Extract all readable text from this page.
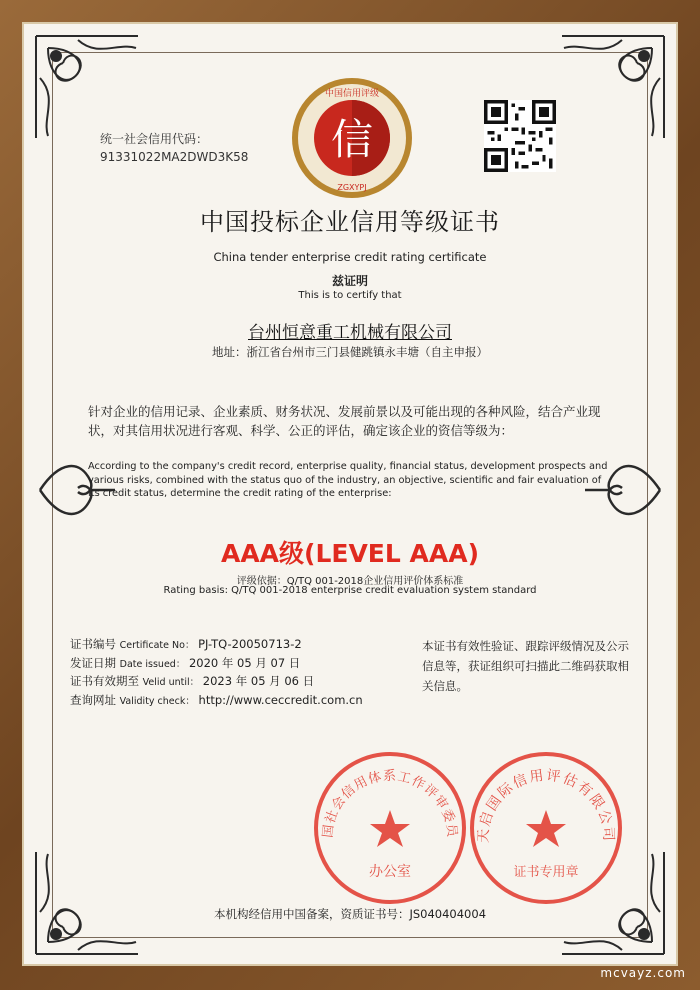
统一社会信用代码：
91331022MA2DWD3K58 信
中国信用评级
ZGXYPJ
中国投标企业信用等级证书
China tender enterprise credit rating certificate
兹证明
This is to certify that
台州恒意重工机械有限公司
地址：浙江省台州市三门县健跳镇永丰塘（自主申报）
针对企业的信用记录、企业素质、财务状况、发展前景以及可能出现的各种风险，结合产业现状，对其信用状况进行客观、科学、公正的评估，确定该企业的资信等级为：
According to the company's credit record, enterprise quality, financial status, development prospects and various risks, combined with the status quo of the industry, an objective, scientific and fair evaluation of its credit status, determine the credit rating of the enterprise:
AAA级(LEVEL AAA)
评级依据：Q/TQ 001-2018企业信用评价体系标准
Rating basis: Q/TQ 001-2018 enterprise credit evaluation system standard
证书编号 Certificate No： PJ-TQ-20050713-2
发证日期 Date issued： 2020 年 05 月 07 日
证书有效期至 Velid until： 2023 年 05 月 06 日
查询网址 Validity check： http://www.ceccredit.com.cn
本证书有效性验证、跟踪评级情况及公示信息等，获证组织可扫描此二维码获取相关信息。
国社会信用体系工作评审委员
办公室
天启国际信用评估有限公司
证书专用章
本机构经信用中国备案，资质证书号：JS040404004
mcvayz.com
